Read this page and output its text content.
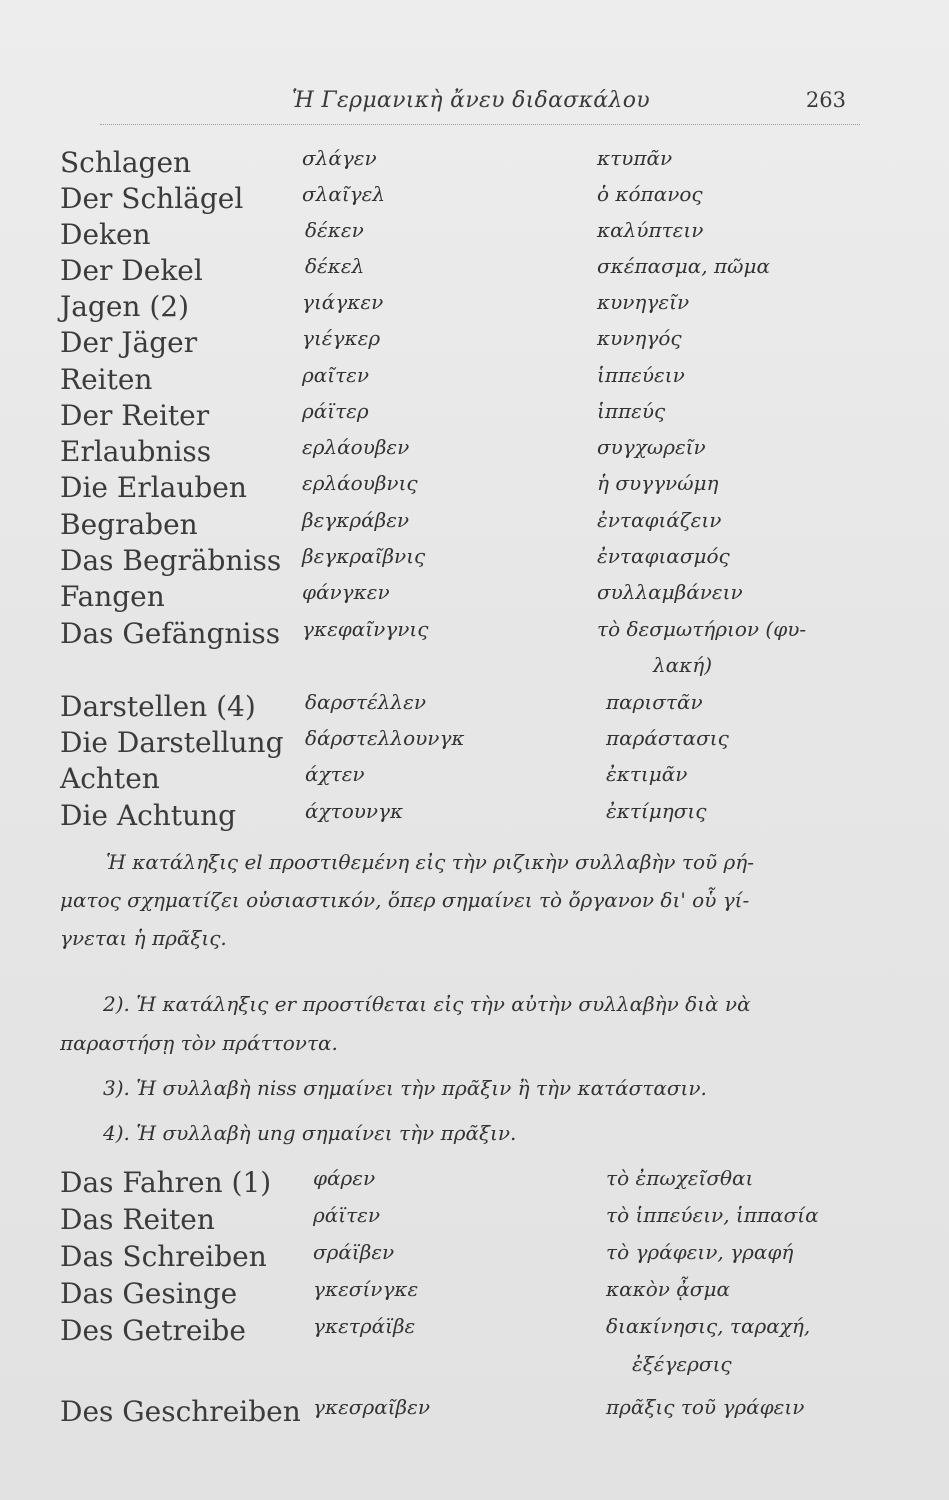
Ἡ Γερμανικὴ ἄνευ διδασκάλου	263
Schlagen	σλάγεν	κτυπᾶν
Der Schlägel	σλαῖγελ	ὁ κόπανος
Deken	δέκεν	καλύπτειν
Der Dekel	δέκελ	σκέπασμα, πῶμα
Jagen (2)	γιάγκεν	κυνηγεῖν
Der Jäger	γιέγκερ	κυνηγός
Reiten	ραῖτεν	ἱππεύειν
Der Reiter	ράϊτερ	ἱππεύς
Erlaubniss	ερλάουβεν	συγχωρεῖν
Die Erlauben	ερλάουβνις	ἡ συγγνώμη
Begraben	βεγκράβεν	ἐνταφιάζειν
Das Begräbniss βεγκραῖβνις	ἐνταφιασμός
Fangen	φάνγκεν	συλλαμβάνειν
Das Gefängniss γκεφαῖνγνις	τὸ δεσμωτήριον (φυ-
λακή)
Darstellen (4) δαρστέλλεν	παριστᾶν
Die Darstellung δάρστελλουνγκ	παράστασις
Achten	άχτεν	ἐκτιμᾶν
Die Achtung	άχτουνγκ	ἐκτίμησις
Ἡ κατάληξις el προστιθεμένη εἰς τὴν ριζικὴν συλλαβὴν τοῦ ρή-
ματος σχηματίζει οὐσιαστικόν, ὅπερ σημαίνει τὸ ὄργανον δι' οὗ γί-
γνεται ἡ πρᾶξις.
2). Ἡ κατάληξις er προστίθεται εἰς τὴν αὐτὴν συλλαβὴν διὰ νὰ
παραστήσῃ τὸν πράττοντα.
3). Ἡ συλλαβὴ niss σημαίνει τὴν πρᾶξιν ἢ τὴν κατάστασιν.
4). Ἡ συλλαβὴ ung σημαίνει τὴν πρᾶξιν.
Das Fahren (1) φάρεν	τὸ ἐπωχεῖσθαι
Das Reiten	ράϊτεν	τὸ ἱππεύειν, ἱππασία
Das Schreiben σράϊβεν	τὸ γράφειν, γραφή
Das Gesinge	γκεσίνγκε	κακὸν ᾆσμα
Des Getreibe	γκετράϊβε	διακίνησις, ταραχή,
ἐξέγερσις
Des Geschreiben γκεσραῖβεν	πρᾶξις τοῦ γράφειν
